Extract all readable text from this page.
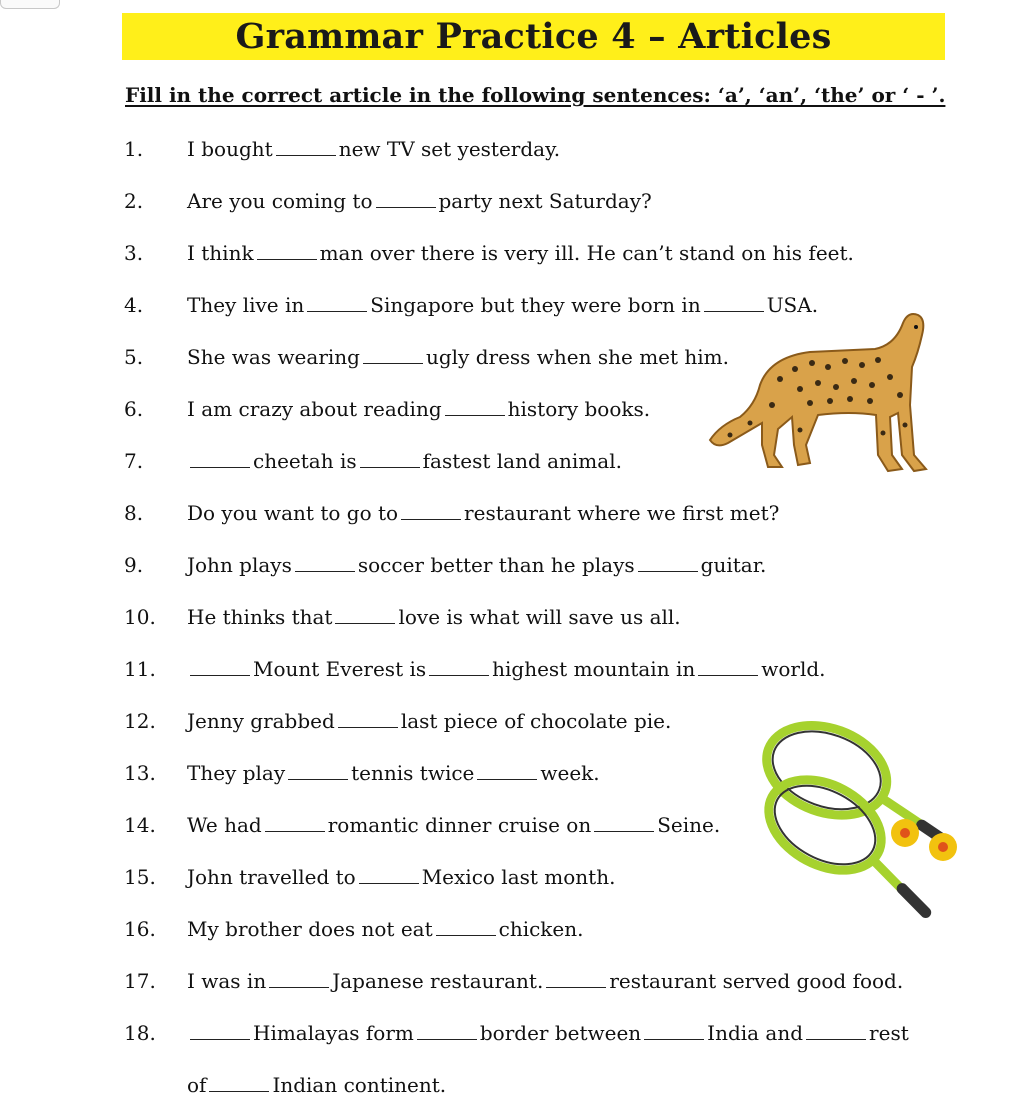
Grammar Practice 4 – Articles
Fill in the correct article in the following sentences: ‘a’, ‘an’, ‘the’ or ‘ - ’.
1. I bought	new TV set yesterday.
2. Are you coming to	party next Saturday?
3. I think	man over there is very ill. He can’t stand on his feet.
4. They live in	Singapore but they were born in	USA.
5. She was wearing	ugly dress when she met him.
6. I am crazy about reading	history books.
7.	cheetah is	fastest land animal.
8. Do you want to go to	restaurant where we first met?
9. John plays	soccer better than he plays	guitar.
10. He thinks that	love is what will save us all.
11.	Mount Everest is	highest mountain in	world.
12. Jenny grabbed	last piece of chocolate pie.
13. They play	tennis twice	week.
14. We had	romantic dinner cruise on	Seine.
15. John travelled to	Mexico last month.
16. My brother does not eat	chicken.
17. I was in	Japanese restaurant.	restaurant served good food.
18.	Himalayas form	border between	India and	rest
of	Indian continent.
